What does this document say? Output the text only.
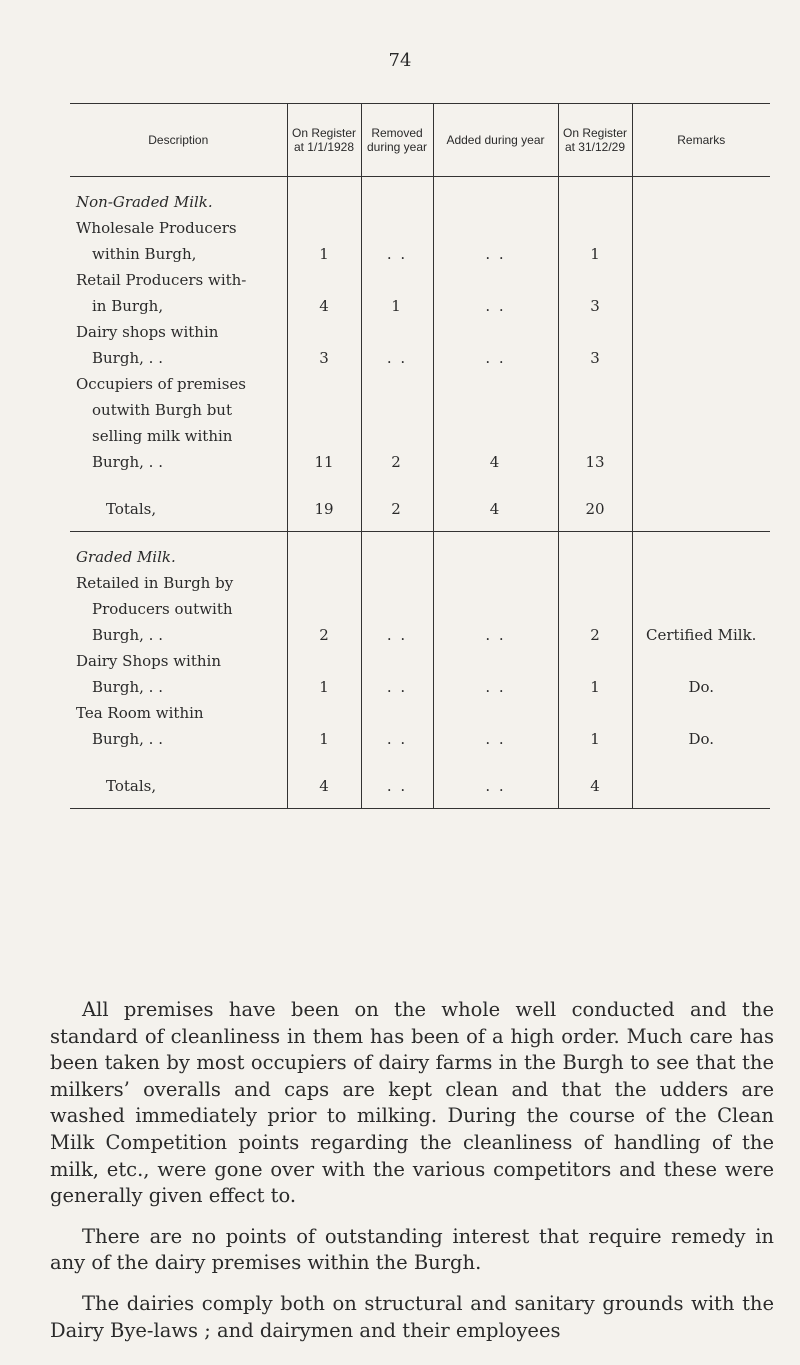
74
Description	On Register at 1/1/1928	Removed during year	Added during year	On Register at 31/12/29	Remarks

Non-Graded Milk.					
Wholesale Producers					
within Burgh,	1	. .	. .	1	
Retail Producers with-					
in Burgh,	4	1	. .	3	
Dairy shops within					
Burgh, . .	3	. .	. .	3	
Occupiers of premises					
outwith Burgh but					
selling milk within					
Burgh, . .	11	2	4	13	

Totals,	19	2	4	20	

Graded Milk.					
Retailed in Burgh by					
Producers outwith					
Burgh, . .	2	. .	. .	2	Certified Milk.
Dairy Shops within					
Burgh, . .	1	. .	. .	1	Do.
Tea Room within					
Burgh, . .	1	. .	. .	1	Do.

Totals,	4	. .	. .	4	

All premises have been on the whole well conducted and the standard of cleanliness in them has been of a high order. Much care has been taken by most occupiers of dairy farms in the Burgh to see that the milkers’ overalls and caps are kept clean and that the udders are washed immediately prior to milking. During the course of the Clean Milk Competition points regarding the cleanliness of handling of the milk, etc., were gone over with the various competitors and these were generally given effect to.

There are no points of outstanding interest that require remedy in any of the dairy premises within the Burgh.

The dairies comply both on structural and sanitary grounds with the Dairy Bye-laws ; and dairymen and their employees
